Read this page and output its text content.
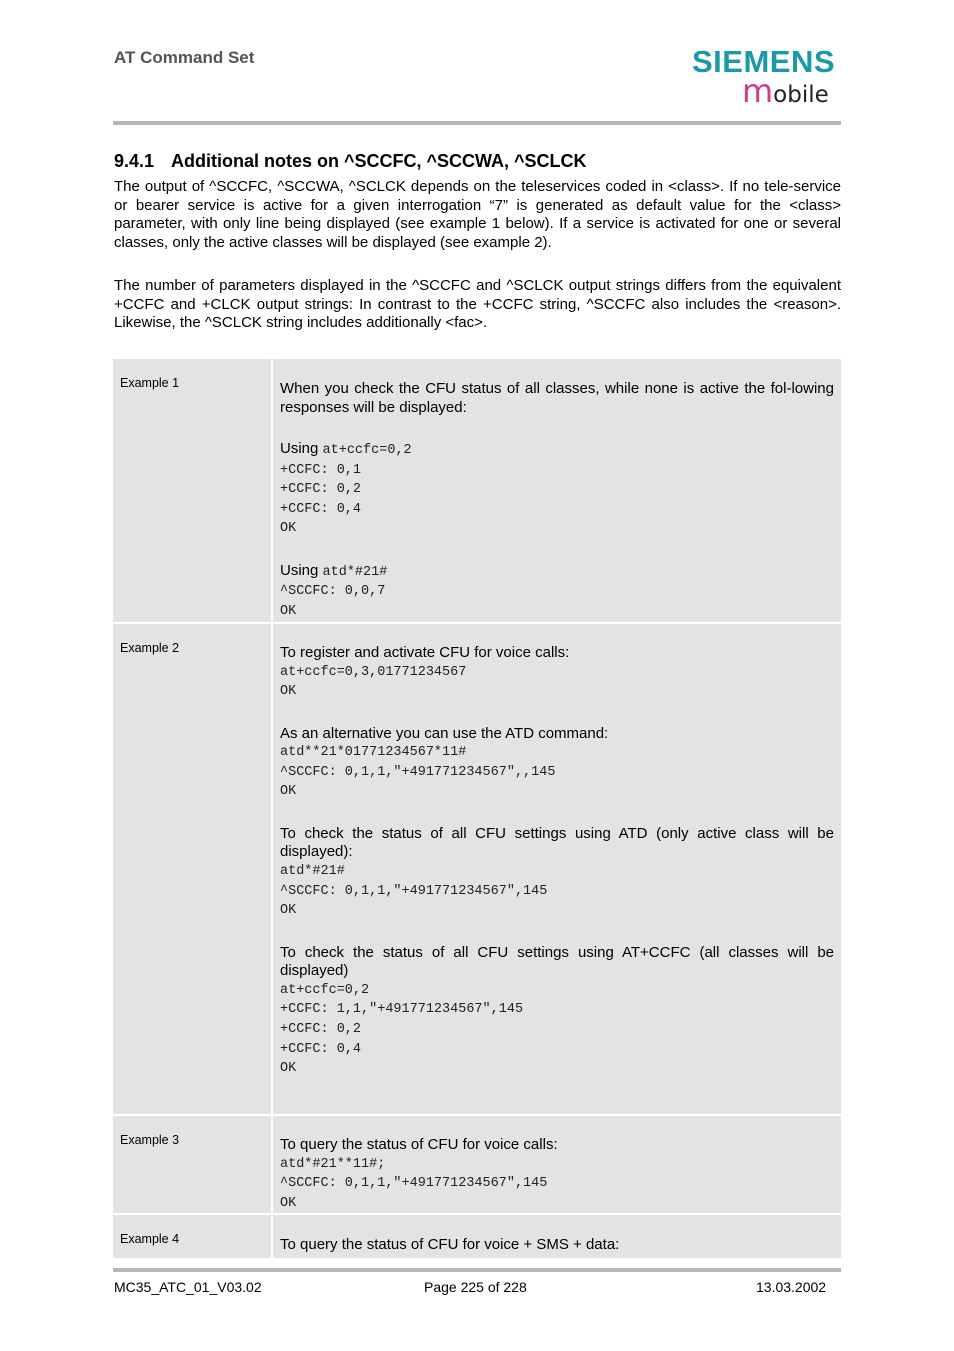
AT Command Set	SIEMENS
mobile
9.4.1 Additional notes on ^SCCFC, ^SCCWA, ^SCLCK

The output of ^SCCFC, ^SCCWA, ^SCLCK depends on the teleservices coded in <class>. If no tele-service or bearer service is active for a given interrogation “7” is generated as default value for the <class> parameter, with only line being displayed (see example 1 below). If a service is activated for one or several classes, only the active classes will be displayed (see example 2).

The number of parameters displayed in the ^SCCFC and ^SCLCK output strings differs from the equivalent +CCFC and +CLCK output strings: In contrast to the +CCFC string, ^SCCFC also includes the <reason>. Likewise, the ^SCLCK string includes additionally <fac>.

Example 1	When you check the CFU status of all classes, while none is active the fol-lowing responses will be displayed:

Using at+ccfc=0,2

+CCFC: 0,1
+CCFC: 0,2
+CCFC: 0,4
OK

Using atd*#21#

^SCCFC: 0,0,7
OK
Example 2	To register and activate CFU for voice calls:

at+ccfc=0,3,01771234567
OK

As an alternative you can use the ATD command:

atd**21*01771234567*11#
^SCCFC: 0,1,1,"+491771234567",,145
OK

To check the status of all CFU settings using ATD (only active class will be displayed):

atd*#21#
^SCCFC: 0,1,1,"+491771234567",145
OK

To check the status of all CFU settings using AT+CCFC (all classes will be displayed)

at+ccfc=0,2
+CCFC: 1,1,"+491771234567",145
+CCFC: 0,2
+CCFC: 0,4
OK
Example 3	To query the status of CFU for voice calls:

atd*#21**11#;
^SCCFC: 0,1,1,"+491771234567",145
OK
Example 4	To query the status of CFU for voice + SMS + data:

MC35_ATC_01_V03.02	Page 225 of 228	13.03.2002
